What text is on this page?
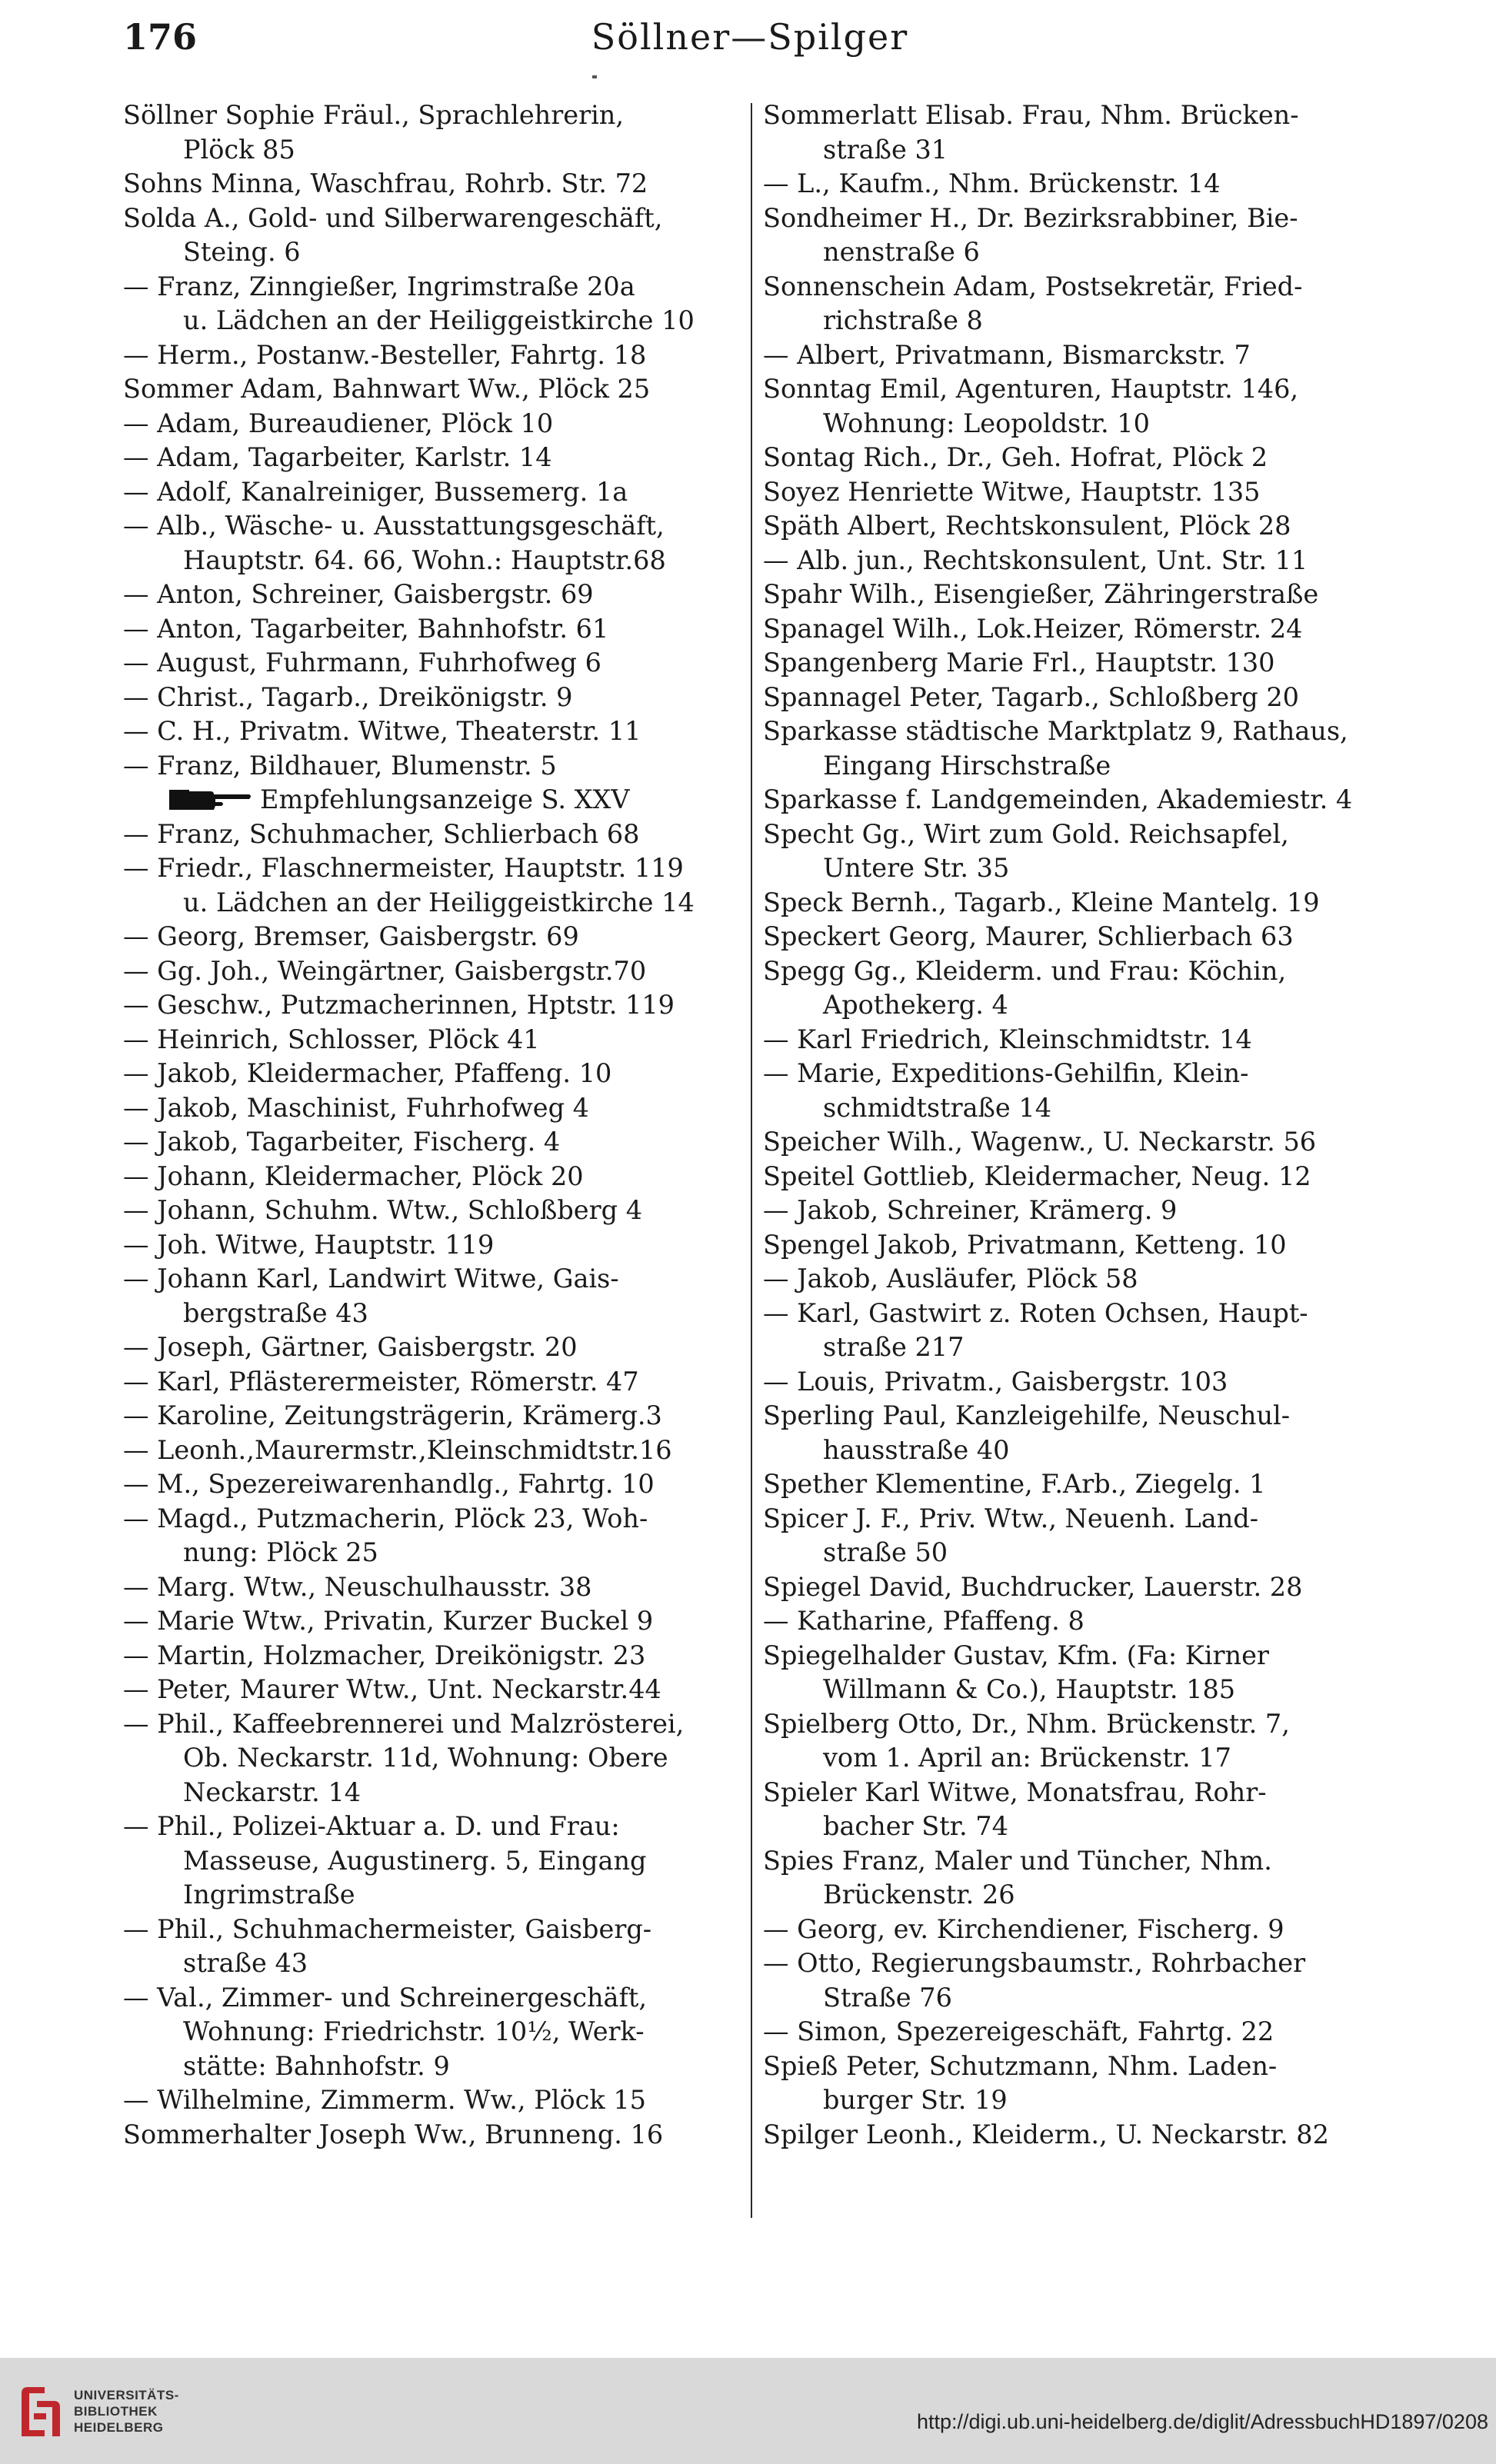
176	Söllner—Spilger
Söllner Sophie Fräul., Sprachlehrerin,
Plöck 85
Sohns Minna, Waschfrau, Rohrb. Str. 72
Solda A., Gold- und Silberwarengeschäft,
Steing. 6
— Franz, Zinngießer, Ingrimstraße 20a
u. Lädchen an der Heiliggeistkirche 10
— Herm., Postanw.-Besteller, Fahrtg. 18
Sommer Adam, Bahnwart Ww., Plöck 25
— Adam, Bureaudiener, Plöck 10
— Adam, Tagarbeiter, Karlstr. 14
— Adolf, Kanalreiniger, Bussemerg. 1a
— Alb., Wäsche- u. Ausstattungsgeschäft,
Hauptstr. 64. 66, Wohn.: Hauptstr.68
— Anton, Schreiner, Gaisbergstr. 69
— Anton, Tagarbeiter, Bahnhofstr. 61
— August, Fuhrmann, Fuhrhofweg 6
— Christ., Tagarb., Dreikönigstr. 9
— C. H., Privatm. Witwe, Theaterstr. 11
— Franz, Bildhauer, Blumenstr. 5
Empfehlungsanzeige S. XXV
— Franz, Schuhmacher, Schlierbach 68
— Friedr., Flaschnermeister, Hauptstr. 119
u. Lädchen an der Heiliggeistkirche 14
— Georg, Bremser, Gaisbergstr. 69
— Gg. Joh., Weingärtner, Gaisbergstr.70
— Geschw., Putzmacherinnen, Hptstr. 119
— Heinrich, Schlosser, Plöck 41
— Jakob, Kleidermacher, Pfaffeng. 10
— Jakob, Maschinist, Fuhrhofweg 4
— Jakob, Tagarbeiter, Fischerg. 4
— Johann, Kleidermacher, Plöck 20
— Johann, Schuhm. Wtw., Schloßberg 4
— Joh. Witwe, Hauptstr. 119
— Johann Karl, Landwirt Witwe, Gais-
bergstraße 43
— Joseph, Gärtner, Gaisbergstr. 20
— Karl, Pflästerermeister, Römerstr. 47
— Karoline, Zeitungsträgerin, Krämerg.3
— Leonh.,Maurermstr.,Kleinschmidtstr.16
— M., Spezereiwarenhandlg., Fahrtg. 10
— Magd., Putzmacherin, Plöck 23, Woh-
nung: Plöck 25
— Marg. Wtw., Neuschulhausstr. 38
— Marie Wtw., Privatin, Kurzer Buckel 9
— Martin, Holzmacher, Dreikönigstr. 23
— Peter, Maurer Wtw., Unt. Neckarstr.44
— Phil., Kaffeebrennerei und Malzrösterei,
Ob. Neckarstr. 11d, Wohnung: Obere
Neckarstr. 14
— Phil., Polizei-Aktuar a. D. und Frau:
Masseuse, Augustinerg. 5, Eingang
Ingrimstraße
— Phil., Schuhmachermeister, Gaisberg-
straße 43
— Val., Zimmer- und Schreinergeschäft,
Wohnung: Friedrichstr. 10½, Werk-
stätte: Bahnhofstr. 9
— Wilhelmine, Zimmerm. Ww., Plöck 15
Sommerhalter Joseph Ww., Brunneng. 16
Sommerlatt Elisab. Frau, Nhm. Brücken-
straße 31
— L., Kaufm., Nhm. Brückenstr. 14
Sondheimer H., Dr. Bezirksrabbiner, Bie-
nenstraße 6
Sonnenschein Adam, Postsekretär, Fried-
richstraße 8
— Albert, Privatmann, Bismarckstr. 7
Sonntag Emil, Agenturen, Hauptstr. 146,
Wohnung: Leopoldstr. 10
Sontag Rich., Dr., Geh. Hofrat, Plöck 2
Soyez Henriette Witwe, Hauptstr. 135
Späth Albert, Rechtskonsulent, Plöck 28
— Alb. jun., Rechtskonsulent, Unt. Str. 11
Spahr Wilh., Eisengießer, Zähringerstraße
Spanagel Wilh., Lok.Heizer, Römerstr. 24
Spangenberg Marie Frl., Hauptstr. 130
Spannagel Peter, Tagarb., Schloßberg 20
Sparkasse städtische Marktplatz 9, Rathaus,
Eingang Hirschstraße
Sparkasse f. Landgemeinden, Akademiestr. 4
Specht Gg., Wirt zum Gold. Reichsapfel,
Untere Str. 35
Speck Bernh., Tagarb., Kleine Mantelg. 19
Speckert Georg, Maurer, Schlierbach 63
Spegg Gg., Kleiderm. und Frau: Köchin,
Apothekerg. 4
— Karl Friedrich, Kleinschmidtstr. 14
— Marie, Expeditions-Gehilfin, Klein-
schmidtstraße 14
Speicher Wilh., Wagenw., U. Neckarstr. 56
Speitel Gottlieb, Kleidermacher, Neug. 12
— Jakob, Schreiner, Krämerg. 9
Spengel Jakob, Privatmann, Ketteng. 10
— Jakob, Ausläufer, Plöck 58
— Karl, Gastwirt z. Roten Ochsen, Haupt-
straße 217
— Louis, Privatm., Gaisbergstr. 103
Sperling Paul, Kanzleigehilfe, Neuschul-
hausstraße 40
Spether Klementine, F.Arb., Ziegelg. 1
Spicer J. F., Priv. Wtw., Neuenh. Land-
straße 50
Spiegel David, Buchdrucker, Lauerstr. 28
— Katharine, Pfaffeng. 8
Spiegelhalder Gustav, Kfm. (Fa: Kirner
Willmann & Co.), Hauptstr. 185
Spielberg Otto, Dr., Nhm. Brückenstr. 7,
vom 1. April an: Brückenstr. 17
Spieler Karl Witwe, Monatsfrau, Rohr-
bacher Str. 74
Spies Franz, Maler und Tüncher, Nhm.
Brückenstr. 26
— Georg, ev. Kirchendiener, Fischerg. 9
— Otto, Regierungsbaumstr., Rohrbacher
Straße 76
— Simon, Spezereigeschäft, Fahrtg. 22
Spieß Peter, Schutzmann, Nhm. Laden-
burger Str. 19
Spilger Leonh., Kleiderm., U. Neckarstr. 82
UNIVERSITÄTS-
BIBLIOTHEK
HEIDELBERG	http://digi.ub.uni-heidelberg.de/diglit/AdressbuchHD1897/0208
